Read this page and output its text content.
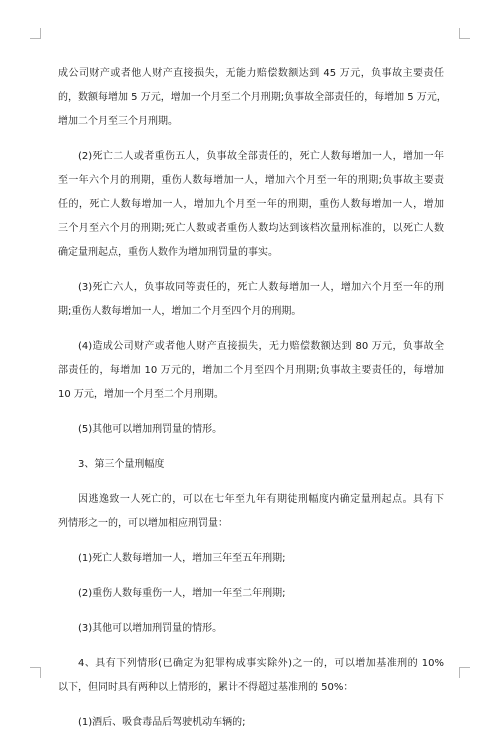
成公司财产或者他人财产直接损失，无能力赔偿数额达到 45 万元，负事故主要责任
的，数额每增加 5 万元，增加一个月至二个月刑期;负事故全部责任的，每增加 5 万元，
增加二个月至三个月刑期。

(2)死亡二人或者重伤五人，负事故全部责任的，死亡人数每增加一人，增加一年
至一年六个月的刑期，重伤人数每增加一人，增加六个月至一年的刑期;负事故主要责
任的，死亡人数每增加一人，增加九个月至一年的刑期，重伤人数每增加一人，增加
三个月至六个月的刑期;死亡人数或者重伤人数均达到该档次量刑标准的，以死亡人数
确定量刑起点，重伤人数作为增加刑罚量的事实。

(3)死亡六人，负事故同等责任的，死亡人数每增加一人，增加六个月至一年的刑
期;重伤人数每增加一人，增加二个月至四个月的刑期。

(4)造成公司财产或者他人财产直接损失，无力赔偿数额达到 80 万元，负事故全
部责任的，每增加 10 万元的，增加二个月至四个月刑期;负事故主要责任的，每增加
10 万元，增加一个月至二个月刑期。

(5)其他可以增加刑罚量的情形。

3、第三个量刑幅度

因逃逸致一人死亡的，可以在七年至九年有期徒刑幅度内确定量刑起点。具有下
列情形之一的，可以增加相应刑罚量：

(1)死亡人数每增加一人，增加三年至五年刑期;

(2)重伤人数每重伤一人，增加一年至二年刑期;

(3)其他可以增加刑罚量的情形。

4、具有下列情形(已确定为犯罪构成事实除外)之一的，可以增加基准刑的 10%
以下，但同时具有两种以上情形的，累计不得超过基准刑的 50%：

(1)酒后、吸食毒品后驾驶机动车辆的;
